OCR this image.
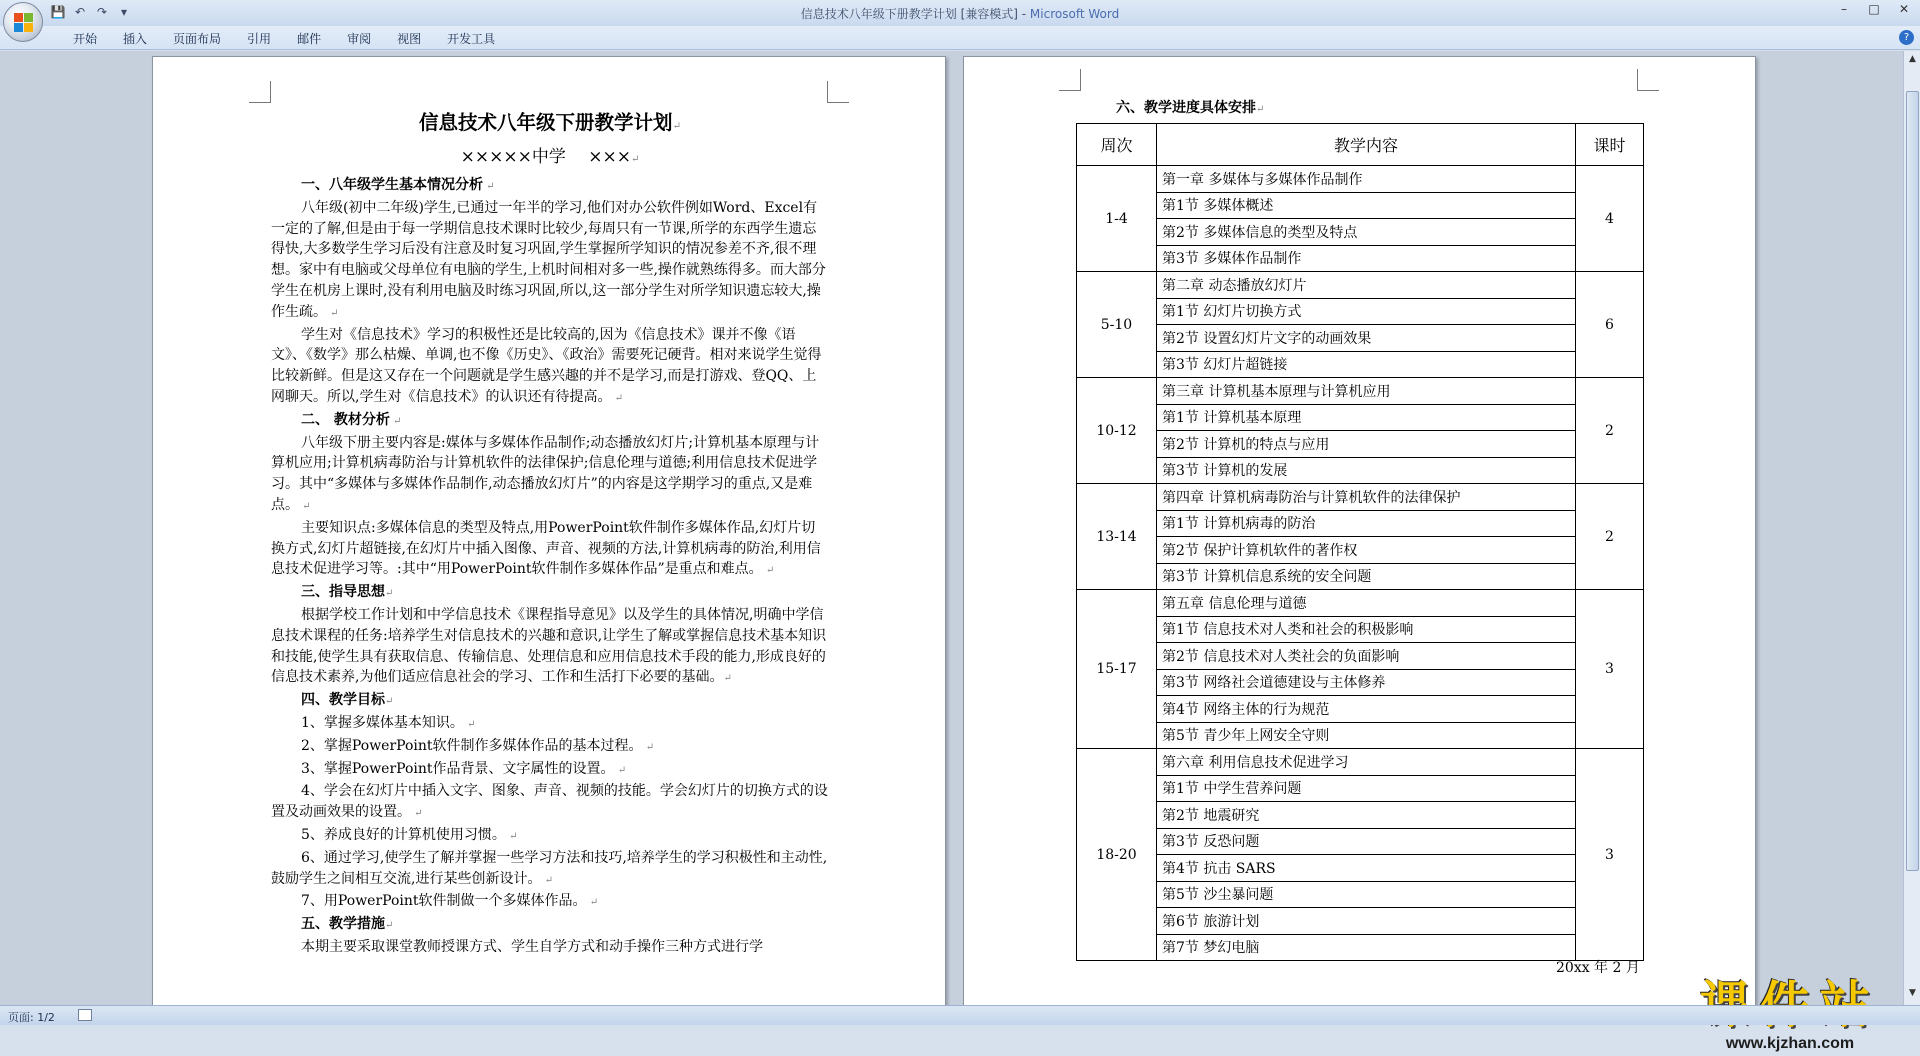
💾 ↶ ↷	▾	信息技术八年级下册教学计划 [兼容模式] - Microsoft Word	–	□	✕
开始	插入	页面布局	引用	邮件	审阅	视图	开发工具	?
信息技术八年级下册教学计划↵
×××××中学　 ×××↵
一、八年级学生基本情况分析 ↵

八年级(初中二年级)学生,已通过一年半的学习,他们对办公软件例如Word、Excel有一定的了解,但是由于每一学期信息技术课时比较少,每周只有一节课,所学的东西学生遗忘得快,大多数学生学习后没有注意及时复习巩固,学生掌握所学知识的情况参差不齐,很不理想。家中有电脑或父母单位有电脑的学生,上机时间相对多一些,操作就熟练得多。而大部分学生在机房上课时,没有利用电脑及时练习巩固,所以,这一部分学生对所学知识遗忘较大,操作生疏。 ↵

学生对《信息技术》学习的积极性还是比较高的,因为《信息技术》课并不像《语文》、《数学》那么枯燥、单调,也不像《历史》、《政治》需要死记硬背。相对来说学生觉得比较新鲜。但是这又存在一个问题就是学生感兴趣的并不是学习,而是打游戏、登QQ、上网聊天。所以,学生对《信息技术》的认识还有待提高。 ↵

二、 教材分析 ↵

八年级下册主要内容是:媒体与多媒体作品制作;动态播放幻灯片;计算机基本原理与计算机应用;计算机病毒防治与计算机软件的法律保护;信息伦理与道德;利用信息技术促进学习。其中“多媒体与多媒体作品制作,动态播放幻灯片”的内容是这学期学习的重点,又是难点。 ↵

主要知识点:多媒体信息的类型及特点,用PowerPoint软件制作多媒体作品,幻灯片切换方式,幻灯片超链接,在幻灯片中插入图像、声音、视频的方法,计算机病毒的防治,利用信息技术促进学习等。:其中“用PowerPoint软件制作多媒体作品”是重点和难点。 ↵

三、指导思想↵

根据学校工作计划和中学信息技术《课程指导意见》以及学生的具体情况,明确中学信息技术课程的任务:培养学生对信息技术的兴趣和意识,让学生了解或掌握信息技术基本知识和技能,使学生具有获取信息、传输信息、处理信息和应用信息技术手段的能力,形成良好的信息技术素养,为他们适应信息社会的学习、工作和生活打下必要的基础。↵

四、教学目标↵
1、掌握多媒体基本知识。 ↵
2、掌握PowerPoint软件制作多媒体作品的基本过程。 ↵
3、掌握PowerPoint作品背景、文字属性的设置。 ↵
4、学会在幻灯片中插入文字、图象、声音、视频的技能。学会幻灯片的切换方式的设置及动画效果的设置。 ↵
5、养成良好的计算机使用习惯。 ↵
6、通过学习,使学生了解并掌握一些学习方法和技巧,培养学生的学习积极性和主动性,鼓励学生之间相互交流,进行某些创新设计。 ↵
7、用PowerPoint软件制做一个多媒体作品。 ↵
五、教学措施↵

本期主要采取课堂教师授课方式、学生自学方式和动手操作三种方式进行学

六、教学进度具体安排↵
周次	教学内容	课时
1-4	第一章 多媒体与多媒体作品制作	4
	第1节 多媒体概述	
	第2节 多媒体信息的类型及特点	
	第3节 多媒体作品制作	
5-10	第二章 动态播放幻灯片	6
	第1节 幻灯片切换方式	
	第2节 设置幻灯片文字的动画效果	
	第3节 幻灯片超链接	
10-12	第三章 计算机基本原理与计算机应用	2
	第1节 计算机基本原理	
	第2节 计算机的特点与应用	
	第3节 计算机的发展	
13-14	第四章 计算机病毒防治与计算机软件的法律保护	2
	第1节 计算机病毒的防治	
	第2节 保护计算机软件的著作权	
	第3节 计算机信息系统的安全问题	
15-17	第五章 信息伦理与道德	3
	第1节 信息技术对人类和社会的积极影响	
	第2节 信息技术对人类社会的负面影响	
	第3节 网络社会道德建设与主体修养	
	第4节 网络主体的行为规范	
	第5节 青少年上网安全守则	
18-20	第六章 利用信息技术促进学习	3
	第1节 中学生营养问题	
	第2节 地震研究	
	第3节 反恐问题	
	第4节 抗击 SARS	
	第5节 沙尘暴问题	
	第6节 旅游计划	
	第7节 梦幻电脑	
20xx 年 2 月
www.kjzhan.com
▲
▼
页面: 1/2
